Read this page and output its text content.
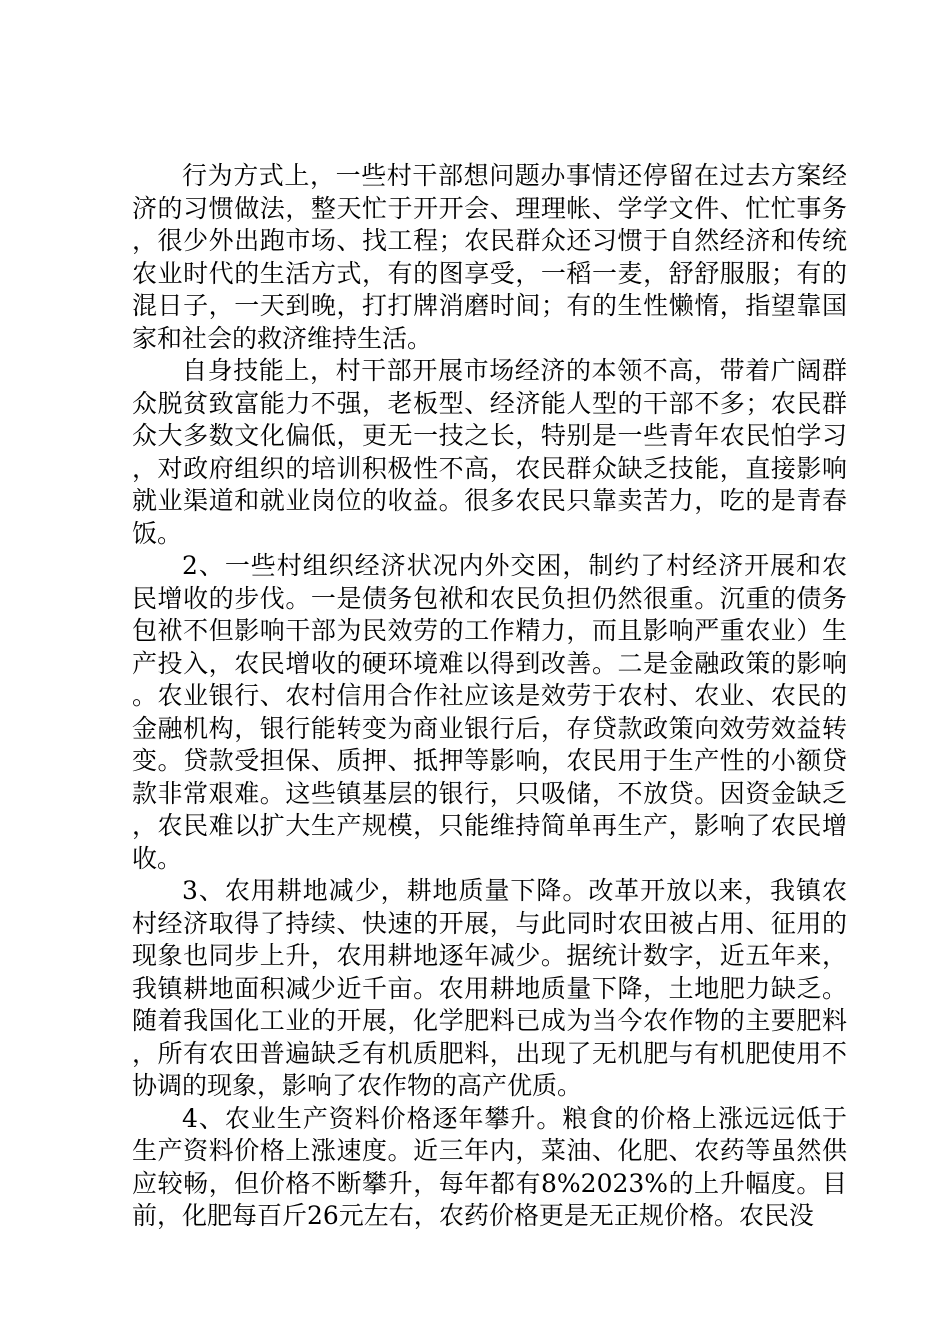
行为方式上，一些村干部想问题办事情还停留在过去方案经济的习惯做法，整天忙于开开会、理理帐、学学文件、忙忙事务，很少外出跑市场、找工程；农民群众还习惯于自然经济和传统农业时代的生活方式，有的图享受，一稻一麦，舒舒服服；有的混日子，一天到晚，打打牌消磨时间；有的生性懒惰，指望靠国家和社会的救济维持生活。

自身技能上，村干部开展市场经济的本领不高，带着广阔群众脱贫致富能力不强，老板型、经济能人型的干部不多；农民群众大多数文化偏低，更无一技之长，特别是一些青年农民怕学习，对政府组织的培训积极性不高，农民群众缺乏技能，直接影响就业渠道和就业岗位的收益。很多农民只靠卖苦力，吃的是青春饭。

2、一些村组织经济状况内外交困，制约了村经济开展和农民增收的步伐。一是债务包袱和农民负担仍然很重。沉重的债务包袱不但影响干部为民效劳的工作精力，而且影响严重农业）生产投入，农民增收的硬环境难以得到改善。二是金融政策的影响。农业银行、农村信用合作社应该是效劳于农村、农业、农民的金融机构，银行能转变为商业银行后，存贷款政策向效劳效益转变。贷款受担保、质押、抵押等影响，农民用于生产性的小额贷款非常艰难。这些镇基层的银行，只吸储，不放贷。因资金缺乏，农民难以扩大生产规模，只能维持简单再生产，影响了农民增收。

3、农用耕地减少，耕地质量下降。改革开放以来，我镇农村经济取得了持续、快速的开展，与此同时农田被占用、征用的现象也同步上升，农用耕地逐年减少。据统计数字，近五年来，我镇耕地面积减少近千亩。农用耕地质量下降，土地肥力缺乏。随着我国化工业的开展，化学肥料已成为当今农作物的主要肥料，所有农田普遍缺乏有机质肥料，出现了无机肥与有机肥使用不协调的现象，影响了农作物的高产优质。

4、农业生产资料价格逐年攀升。粮食的价格上涨远远低于生产资料价格上涨速度。近三年内，菜油、化肥、农药等虽然供应较畅，但价格不断攀升，每年都有8%2023%的上升幅度。目前，化肥每百斤26元左右，农药价格更是无正规价格。农民没
